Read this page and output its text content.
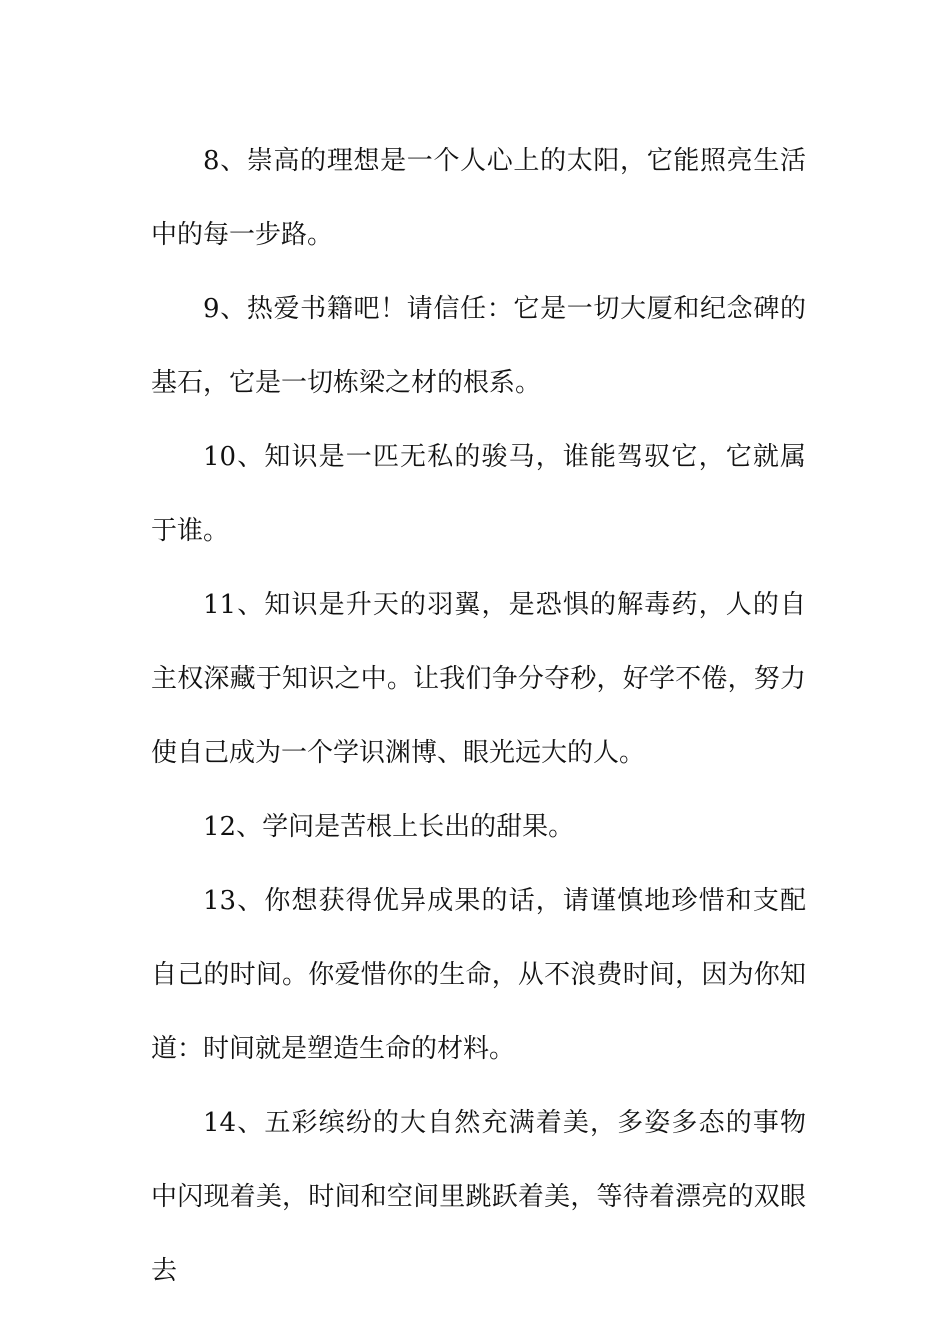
8、崇高的理想是一个人心上的太阳，它能照亮生活中的每一步路。

9、热爱书籍吧！请信任：它是一切大厦和纪念碑的基石，它是一切栋梁之材的根系。

10、知识是一匹无私的骏马，谁能驾驭它，它就属于谁。

11、知识是升天的羽翼，是恐惧的解毒药，人的自主权深藏于知识之中。让我们争分夺秒，好学不倦，努力使自己成为一个学识渊博、眼光远大的人。

12、学问是苦根上长出的甜果。

13、你想获得优异成果的话，请谨慎地珍惜和支配自己的时间。你爱惜你的生命，从不浪费时间，因为你知道：时间就是塑造生命的材料。

14、五彩缤纷的大自然充满着美，多姿多态的事物中闪现着美，时间和空间里跳跃着美，等待着漂亮的双眼去
